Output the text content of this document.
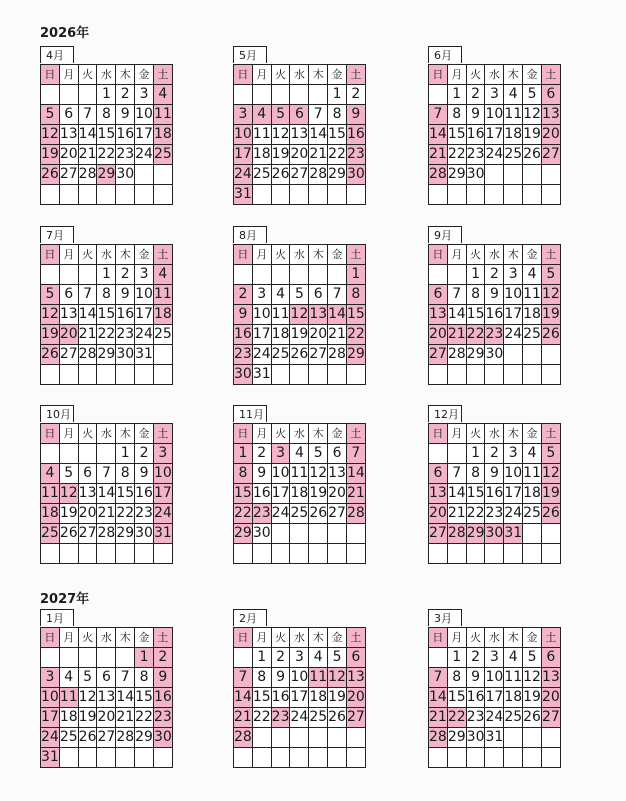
2026年
4月
日	月	火	水	木	金	土
			1	2	3	4
5	6	7	8	9	10	11
12	13	14	15	16	17	18
19	20	21	22	23	24	25
26	27	28	29	30		

5月
日	月	火	水	木	金	土
					1	2
3	4	5	6	7	8	9
10	11	12	13	14	15	16
17	18	19	20	21	22	23
24	25	26	27	28	29	30
31						
6月
日	月	火	水	木	金	土
	1	2	3	4	5	6
7	8	9	10	11	12	13
14	15	16	17	18	19	20
21	22	23	24	25	26	27
28	29	30				

7月
日	月	火	水	木	金	土
			1	2	3	4
5	6	7	8	9	10	11
12	13	14	15	16	17	18
19	20	21	22	23	24	25
26	27	28	29	30	31	

8月
日	月	火	水	木	金	土
						1
2	3	4	5	6	7	8
9	10	11	12	13	14	15
16	17	18	19	20	21	22
23	24	25	26	27	28	29
30	31					
9月
日	月	火	水	木	金	土
		1	2	3	4	5
6	7	8	9	10	11	12
13	14	15	16	17	18	19
20	21	22	23	24	25	26
27	28	29	30			

10月
日	月	火	水	木	金	土
				1	2	3
4	5	6	7	8	9	10
11	12	13	14	15	16	17
18	19	20	21	22	23	24
25	26	27	28	29	30	31

11月
日	月	火	水	木	金	土
1	2	3	4	5	6	7
8	9	10	11	12	13	14
15	16	17	18	19	20	21
22	23	24	25	26	27	28
29	30					

12月
日	月	火	水	木	金	土
		1	2	3	4	5
6	7	8	9	10	11	12
13	14	15	16	17	18	19
20	21	22	23	24	25	26
27	28	29	30	31		

2027年
1月
日	月	火	水	木	金	土
					1	2
3	4	5	6	7	8	9
10	11	12	13	14	15	16
17	18	19	20	21	22	23
24	25	26	27	28	29	30
31						
2月
日	月	火	水	木	金	土
	1	2	3	4	5	6
7	8	9	10	11	12	13
14	15	16	17	18	19	20
21	22	23	24	25	26	27
28						

3月
日	月	火	水	木	金	土
	1	2	3	4	5	6
7	8	9	10	11	12	13
14	15	16	17	18	19	20
21	22	23	24	25	26	27
28	29	30	31			
